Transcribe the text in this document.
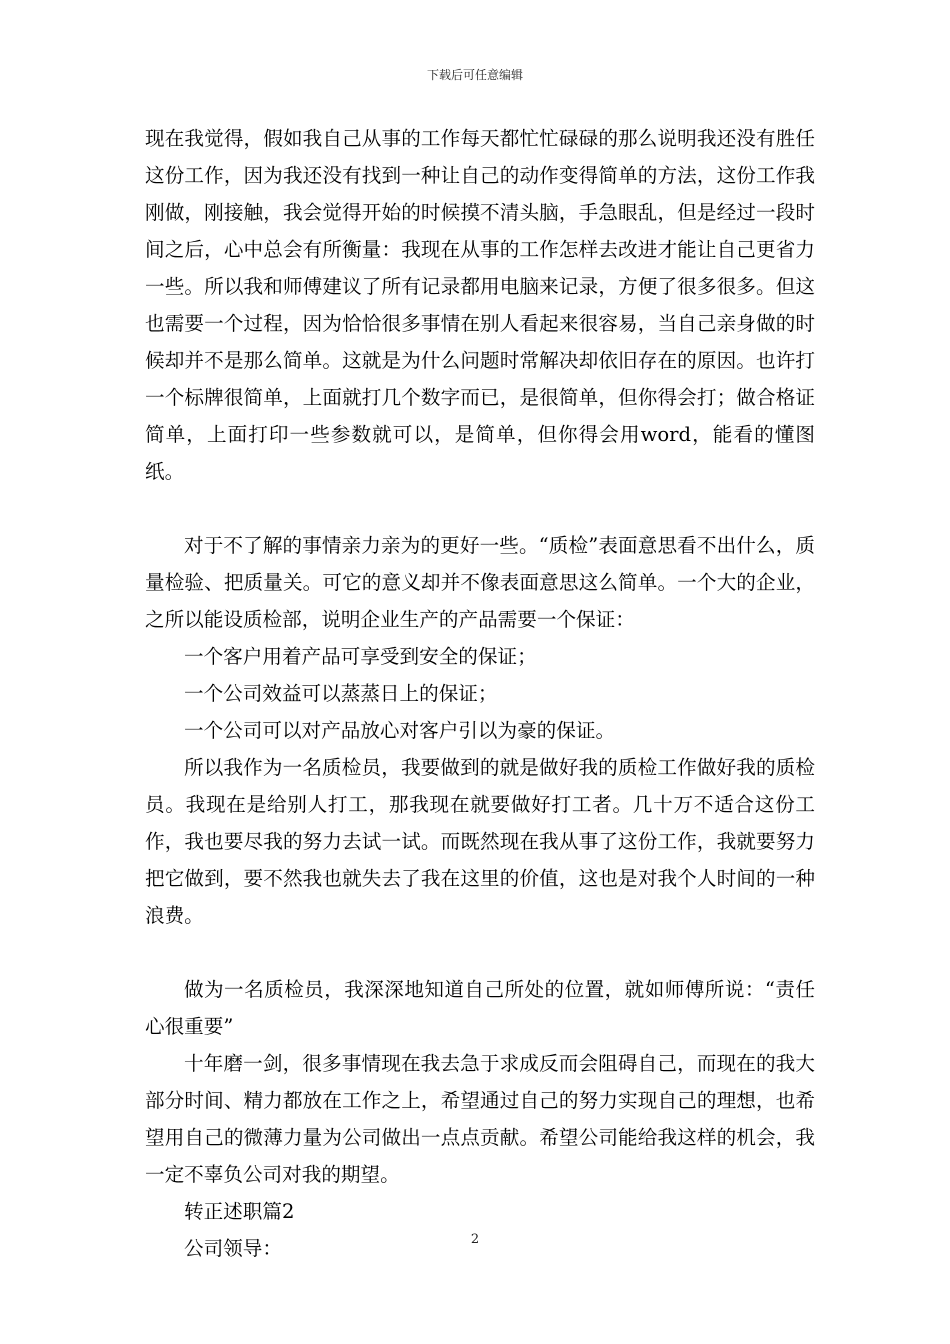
下载后可任意编辑

现在我觉得，假如我自己从事的工作每天都忙忙碌碌的那么说明我还没有胜任这份工作，因为我还没有找到一种让自己的动作变得简单的方法，这份工作我刚做，刚接触，我会觉得开始的时候摸不清头脑，手急眼乱，但是经过一段时间之后，心中总会有所衡量：我现在从事的工作怎样去改进才能让自己更省力一些。所以我和师傅建议了所有记录都用电脑来记录，方便了很多很多。但这也需要一个过程，因为恰恰很多事情在别人看起来很容易，当自己亲身做的时候却并不是那么简单。这就是为什么问题时常解决却依旧存在的原因。也许打一个标牌很简单，上面就打几个数字而已，是很简单，但你得会打；做合格证简单，上面打印一些参数就可以，是简单，但你得会用word，能看的懂图纸。

对于不了解的事情亲力亲为的更好一些。“质检”表面意思看不出什么，质量检验、把质量关。可它的意义却并不像表面意思这么简单。一个大的企业，之所以能设质检部，说明企业生产的产品需要一个保证：

一个客户用着产品可享受到安全的保证；

一个公司效益可以蒸蒸日上的保证；

一个公司可以对产品放心对客户引以为豪的保证。

所以我作为一名质检员，我要做到的就是做好我的质检工作做好我的质检员。我现在是给别人打工，那我现在就要做好打工者。几十万不适合这份工作，我也要尽我的努力去试一试。而既然现在我从事了这份工作，我就要努力把它做到，要不然我也就失去了我在这里的价值，这也是对我个人时间的一种浪费。

做为一名质检员，我深深地知道自己所处的位置，就如师傅所说：“责任心很重要”

十年磨一剑，很多事情现在我去急于求成反而会阻碍自己，而现在的我大部分时间、精力都放在工作之上，希望通过自己的努力实现自己的理想，也希望用自己的微薄力量为公司做出一点点贡献。希望公司能给我这样的机会，我一定不辜负公司对我的期望。

转正述职篇2

公司领导：	2
